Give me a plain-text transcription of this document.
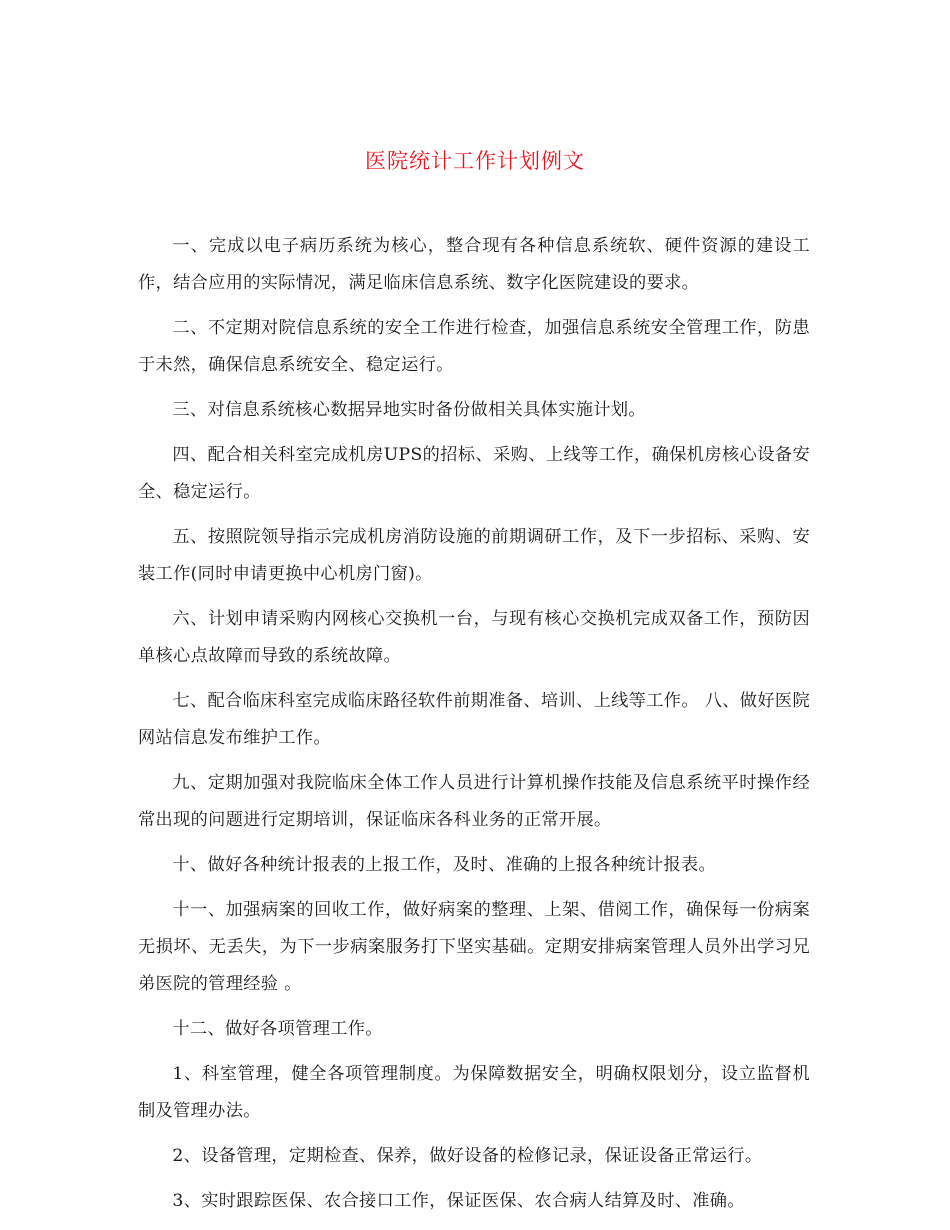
医院统计工作计划例文

一、完成以电子病历系统为核心，整合现有各种信息系统软、硬件资源的建设工作，结合应用的实际情况，满足临床信息系统、数字化医院建设的要求。

二、不定期对院信息系统的安全工作进行检查，加强信息系统安全管理工作，防患于未然，确保信息系统安全、稳定运行。

三、对信息系统核心数据异地实时备份做相关具体实施计划。

四、配合相关科室完成机房UPS的招标、采购、上线等工作，确保机房核心设备安全、稳定运行。

五、按照院领导指示完成机房消防设施的前期调研工作，及下一步招标、采购、安装工作(同时申请更换中心机房门窗)。

六、计划申请采购内网核心交换机一台，与现有核心交换机完成双备工作，预防因单核心点故障而导致的系统故障。

七、配合临床科室完成临床路径软件前期准备、培训、上线等工作。 八、做好医院网站信息发布维护工作。

九、定期加强对我院临床全体工作人员进行计算机操作技能及信息系统平时操作经常出现的问题进行定期培训，保证临床各科业务的正常开展。

十、做好各种统计报表的上报工作，及时、准确的上报各种统计报表。

十一、加强病案的回收工作，做好病案的整理、上架、借阅工作，确保每一份病案无损坏、无丢失，为下一步病案服务打下坚实基础。定期安排病案管理人员外出学习兄弟医院的管理经验 。

十二、做好各项管理工作。

1、科室管理，健全各项管理制度。为保障数据安全，明确权限划分，设立监督机制及管理办法。

2、设备管理，定期检查、保养，做好设备的检修记录，保证设备正常运行。

3、实时跟踪医保、农合接口工作，保证医保、农合病人结算及时、准确。
